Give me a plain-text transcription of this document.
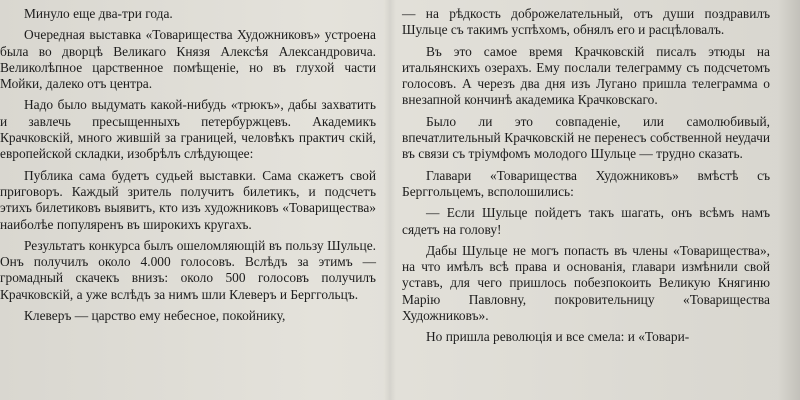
Минуло еще два-три года.

Очередная выставка «Товарищества Художниковъ» устроена была во дворцѣ Великаго Князя Алексѣя Александровича. Великолѣпное царственное помѣщеніе, но въ глухой части Мойки, далеко отъ центра.

Надо было выдумать какой-нибудь «трюкъ», дабы захватить и завлечь пресыщенныхъ петербуржцевъ. Академикъ Крачковскій, много жившій за границей, человѣкъ практич скій, европейской складки, изобрѣлъ слѣдующее:

Публика сама будетъ судьей выставки. Сама скажетъ свой приговоръ. Каждый зритель получитъ билетикъ, и подсчетъ этихъ билетиковъ выявитъ, кто изъ художниковъ «Товарищества» наиболѣе популяренъ въ широкихъ кругахъ.

Результатъ конкурса былъ ошеломляющій въ пользу Шульце. Онъ получилъ около 4.000 голосовъ. Вслѣдъ за этимъ — громадный скачекъ внизъ: около 500 голосовъ получилъ Крачковскій, а уже вслѣдъ за нимъ шли Клеверъ и Берггольцъ.

Клеверъ — царство ему небесное, покойнику,

— на рѣдкость доброжелательный, отъ души поздравилъ Шульце съ такимъ успѣхомъ, обнялъ его и расцѣловалъ.

Въ это самое время Крачковскій писалъ этюды на итальянскихъ озерахъ. Ему послали телеграмму съ подсчетомъ голосовъ. А черезъ два дня изъ Лугано пришла телеграмма о внезапной кончинѣ академика Крачковскаго.

Было ли это совпаденіе, или самолюбивый, впечатлительный Крачковскій не перенесъ собственной неудачи въ связи съ тріумфомъ молодого Шульце — трудно сказать.

Главари «Товарищества Художниковъ» вмѣстѣ съ Берггольцемъ, всполошились:

— Если Шульце пойдетъ такъ шагать, онъ всѣмъ намъ сядетъ на голову!

Дабы Шульце не могъ попасть въ члены «Товарищества», на что имѣлъ всѣ права и основанія, главари измѣнили свой уставъ, для чего пришлось побезпокоить Великую Княгиню Марію Павловну, покровительницу «Товарищества Художниковъ».

Но пришла революція и все смела: и «Товари-
